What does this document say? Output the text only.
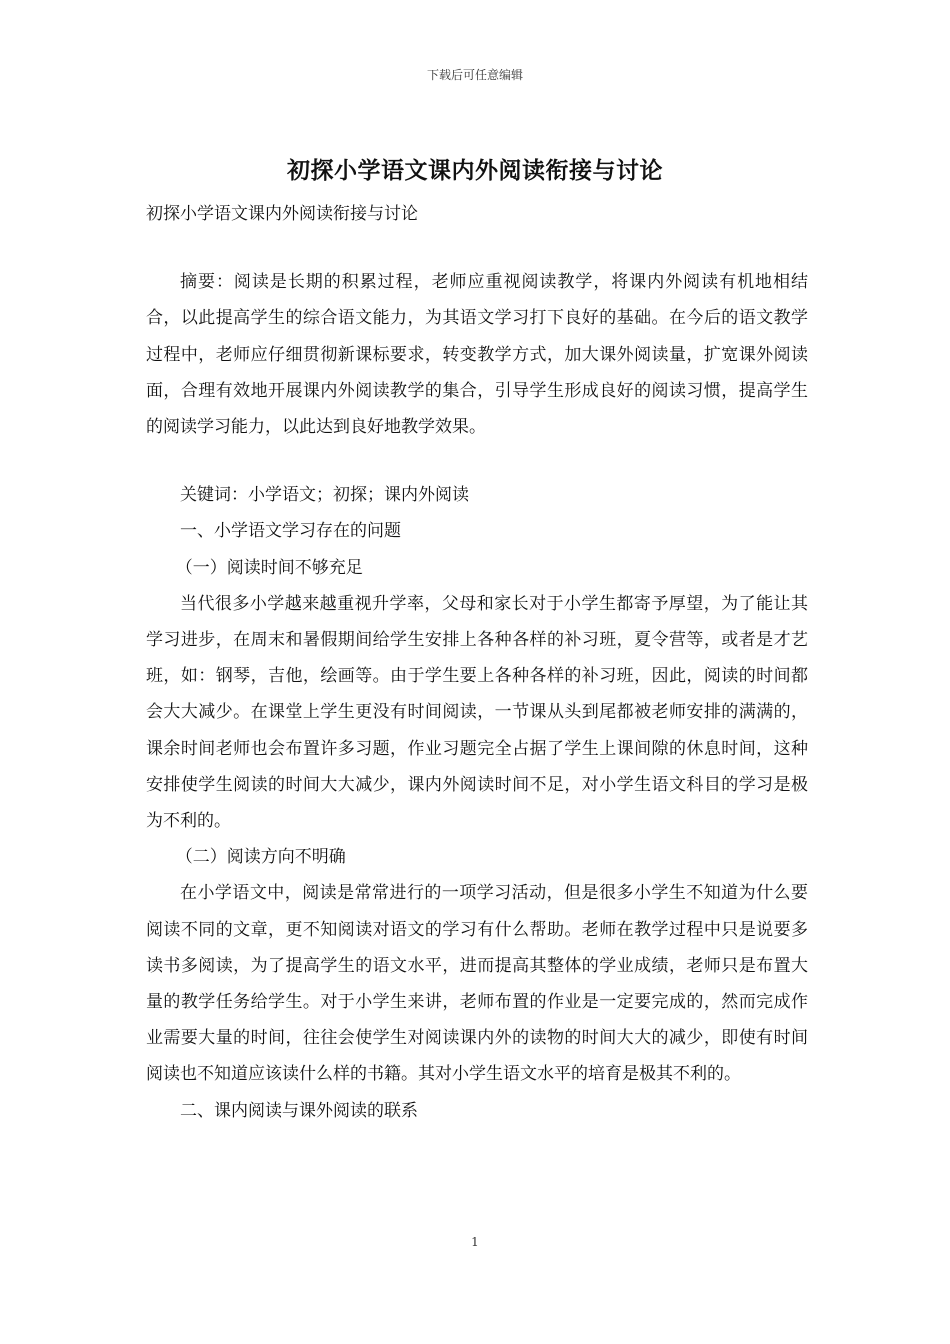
下载后可任意编辑
初探小学语文课内外阅读衔接与讨论

初探小学语文课内外阅读衔接与讨论

摘要：阅读是长期的积累过程，老师应重视阅读教学，将课内外阅读有机地相结合，以此提高学生的综合语文能力，为其语文学习打下良好的基础。在今后的语文教学过程中，老师应仔细贯彻新课标要求，转变教学方式，加大课外阅读量，扩宽课外阅读面，合理有效地开展课内外阅读教学的集合，引导学生形成良好的阅读习惯，提高学生的阅读学习能力，以此达到良好地教学效果。

关键词：小学语文；初探；课内外阅读

一、小学语文学习存在的问题

（一）阅读时间不够充足

当代很多小学越来越重视升学率，父母和家长对于小学生都寄予厚望，为了能让其学习进步，在周末和暑假期间给学生安排上各种各样的补习班，夏令营等，或者是才艺班，如：钢琴，吉他，绘画等。由于学生要上各种各样的补习班，因此，阅读的时间都会大大减少。在课堂上学生更没有时间阅读，一节课从头到尾都被老师安排的满满的，课余时间老师也会布置许多习题，作业习题完全占据了学生上课间隙的休息时间，这种安排使学生阅读的时间大大减少，课内外阅读时间不足，对小学生语文科目的学习是极为不利的。

（二）阅读方向不明确

在小学语文中，阅读是常常进行的一项学习活动，但是很多小学生不知道为什么要阅读不同的文章，更不知阅读对语文的学习有什么帮助。老师在教学过程中只是说要多读书多阅读，为了提高学生的语文水平，进而提高其整体的学业成绩，老师只是布置大量的教学任务给学生。对于小学生来讲，老师布置的作业是一定要完成的，然而完成作业需要大量的时间，往往会使学生对阅读课内外的读物的时间大大的减少，即使有时间阅读也不知道应该读什么样的书籍。其对小学生语文水平的培育是极其不利的。

二、课内阅读与课外阅读的联系

1
